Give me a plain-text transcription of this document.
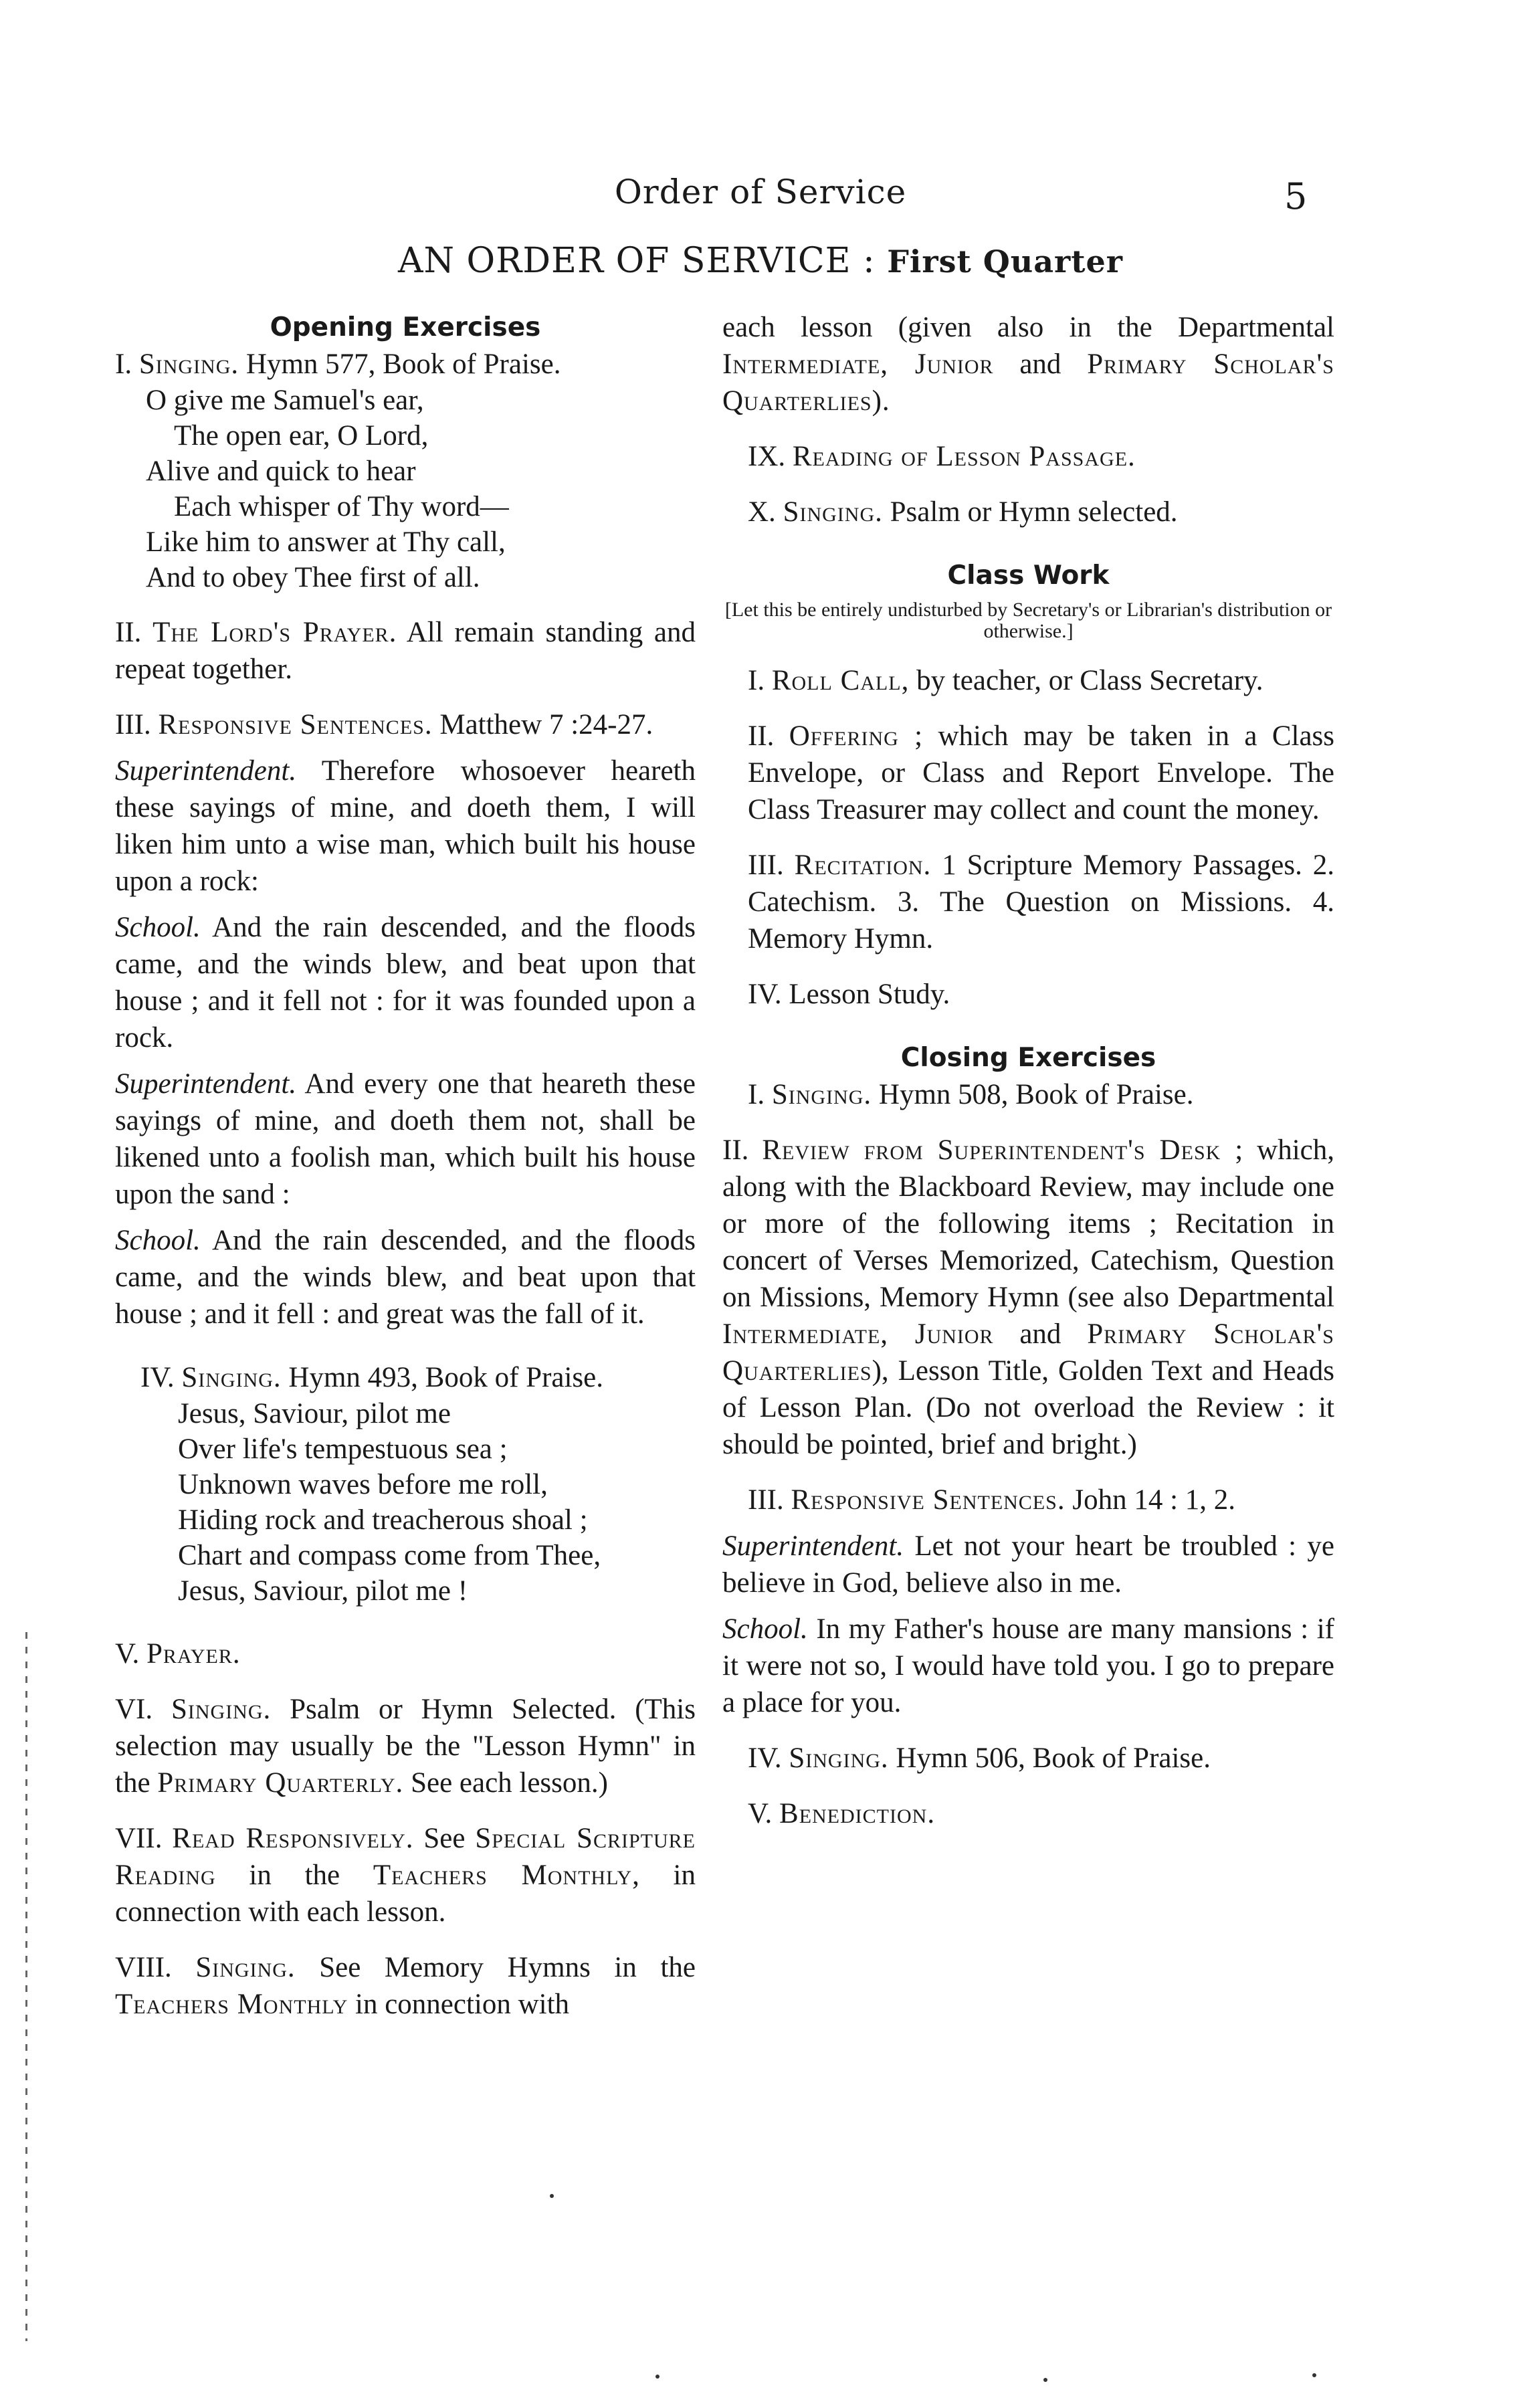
Order of Service	5
AN ORDER OF SERVICE : First Quarter
Opening Exercises
I. Singing. Hymn 577, Book of Praise.
O give me Samuel's ear,
The open ear, O Lord,
Alive and quick to hear
Each whisper of Thy word—
Like him to answer at Thy call,
And to obey Thee first of all.
II. The Lord's Prayer. All remain standing and repeat together.
III. Responsive Sentences. Matthew 7 :24-27.
Superintendent. Therefore whosoever heareth these sayings of mine, and doeth them, I will liken him unto a wise man, which built his house upon a rock:
School. And the rain descended, and the floods came, and the winds blew, and beat upon that house ; and it fell not : for it was founded upon a rock.
Superintendent. And every one that heareth these sayings of mine, and doeth them not, shall be likened unto a foolish man, which built his house upon the sand :
School. And the rain descended, and the floods came, and the winds blew, and beat upon that house ; and it fell : and great was the fall of it.
IV. Singing. Hymn 493, Book of Praise.
Jesus, Saviour, pilot me
Over life's tempestuous sea ;
Unknown waves before me roll,
Hiding rock and treacherous shoal ;
Chart and compass come from Thee,
Jesus, Saviour, pilot me !
V. Prayer.
VI. Singing. Psalm or Hymn Selected. (This selection may usually be the "Lesson Hymn" in the Primary Quarterly. See each lesson.)
VII. Read Responsively. See Special Scripture Reading in the Teachers Monthly, in connection with each lesson.
VIII. Singing. See Memory Hymns in the Teachers Monthly in connection with
each lesson (given also in the Departmental Intermediate, Junior and Primary Scholar's Quarterlies).
IX. Reading of Lesson Passage.
X. Singing. Psalm or Hymn selected.
Class Work
[Let this be entirely undisturbed by Secretary's or Librarian's distribution or otherwise.]
I. Roll Call, by teacher, or Class Secretary.
II. Offering ; which may be taken in a Class Envelope, or Class and Report Envelope. The Class Treasurer may collect and count the money.
III. Recitation. 1 Scripture Memory Passages. 2. Catechism. 3. The Question on Missions. 4. Memory Hymn.
IV. Lesson Study.
Closing Exercises
I. Singing. Hymn 508, Book of Praise.
II. Review from Superintendent's Desk ; which, along with the Blackboard Review, may include one or more of the following items ; Recitation in concert of Verses Memorized, Catechism, Question on Missions, Memory Hymn (see also Departmental Intermediate, Junior and Primary Scholar's Quarterlies), Lesson Title, Golden Text and Heads of Lesson Plan. (Do not overload the Review : it should be pointed, brief and bright.)
III. Responsive Sentences. John 14 : 1, 2.
Superintendent. Let not your heart be troubled : ye believe in God, believe also in me.
School. In my Father's house are many mansions : if it were not so, I would have told you. I go to prepare a place for you.
IV. Singing. Hymn 506, Book of Praise.
V. Benediction.
